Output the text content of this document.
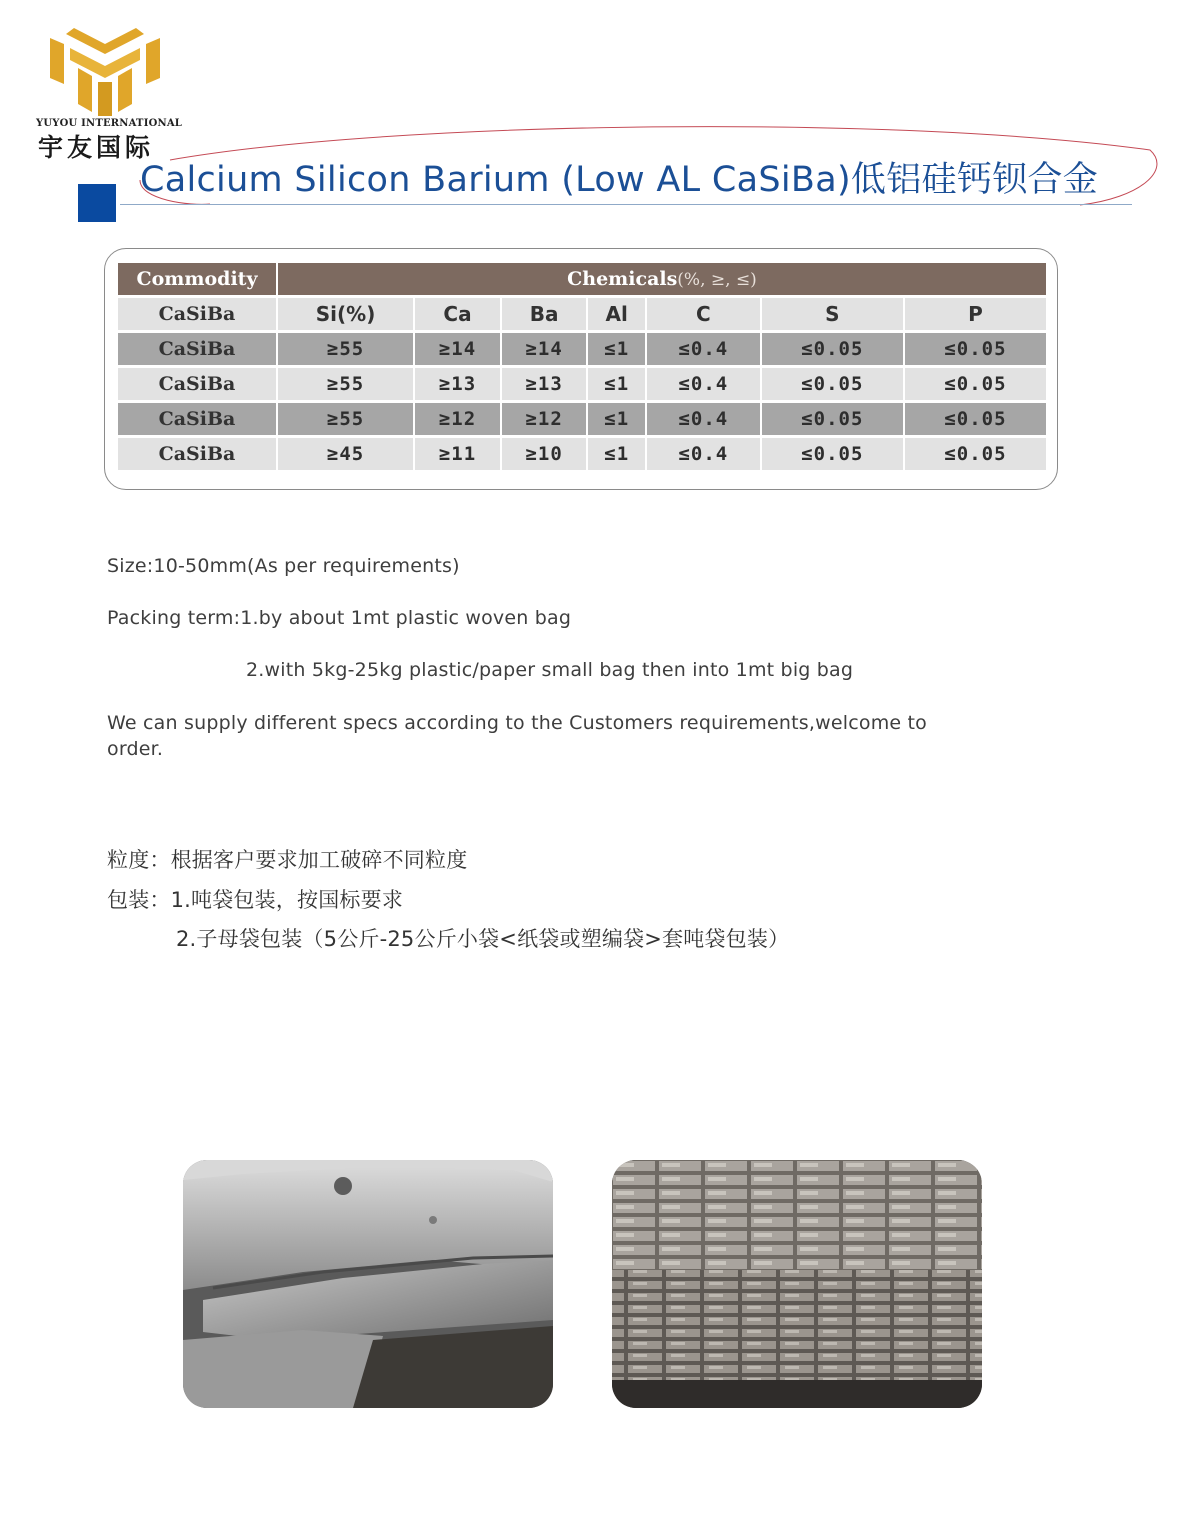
YUYOU INTERNATIONAL
宇友国际
Calcium Silicon Barium (Low AL CaSiBa)低铝硅钙钡合金
Commodity	Chemicals(%, ≥, ≤)						
CaSiBa	Si(%)	Ca	Ba	Al	C	S	P
CaSiBa	≥55	≥14	≥14	≤1	≤0.4	≤0.05	≤0.05
CaSiBa	≥55	≥13	≥13	≤1	≤0.4	≤0.05	≤0.05
CaSiBa	≥55	≥12	≥12	≤1	≤0.4	≤0.05	≤0.05
CaSiBa	≥45	≥11	≥10	≤1	≤0.4	≤0.05	≤0.05
Size:10-50mm(As per requirements)
Packing term:1.by about 1mt plastic woven bag
2.with 5kg-25kg plastic/paper small bag then into 1mt big bag
We can supply different specs according to the Customers requirements,welcome to order.
粒度：根据客户要求加工破碎不同粒度
包装：1.吨袋包装，按国标要求
2.子母袋包装（5公斤-25公斤小袋<纸袋或塑编袋>套吨袋包装）
